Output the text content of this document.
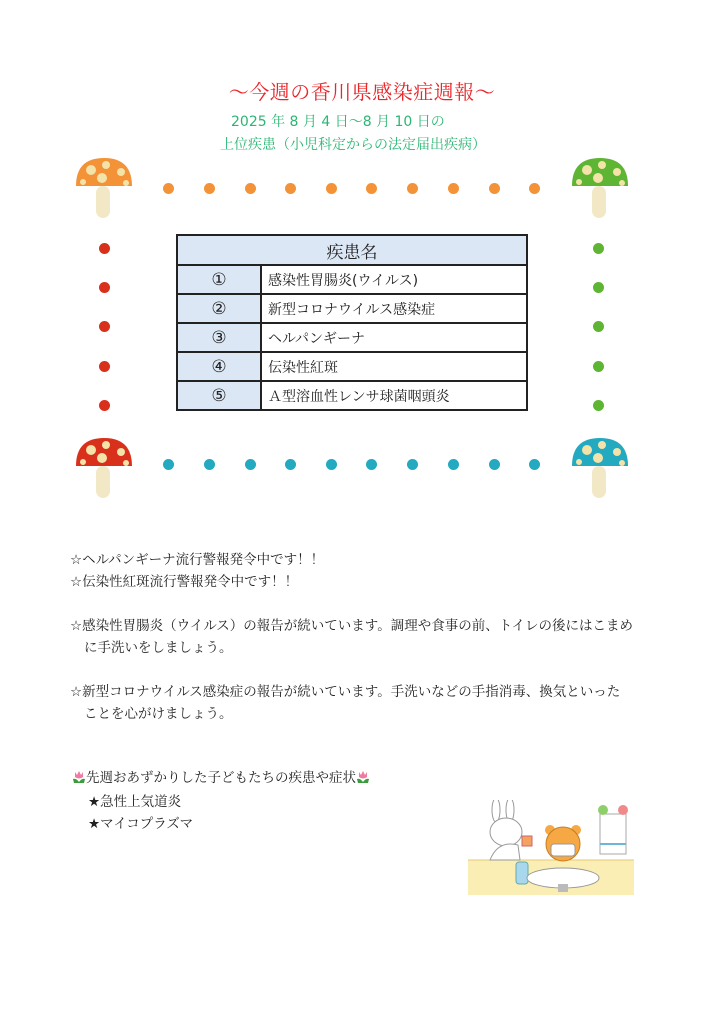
～今週の香川県感染症週報～
2025 年 8 月 4 日～8 月 10 日の
上位疾患（小児科定からの法定届出疾病）
疾患名	
①	感染性胃腸炎(ウイルス)
②	新型コロナウイルス感染症
③	ヘルパンギーナ
④	伝染性紅斑
⑤	Ａ型溶血性レンサ球菌咽頭炎
☆ヘルパンギーナ流行警報発令中です！！
☆伝染性紅斑流行警報発令中です！！
☆感染性胃腸炎（ウイルス）の報告が続いています。調理や食事の前、トイレの後にはこまめ
に手洗いをしましょう。
☆新型コロナウイルス感染症の報告が続いています。手洗いなどの手指消毒、換気といった
ことを心がけましょう。
先週おあずかりした子どもたちの疾患や症状
★急性上気道炎
★マイコプラズマ
